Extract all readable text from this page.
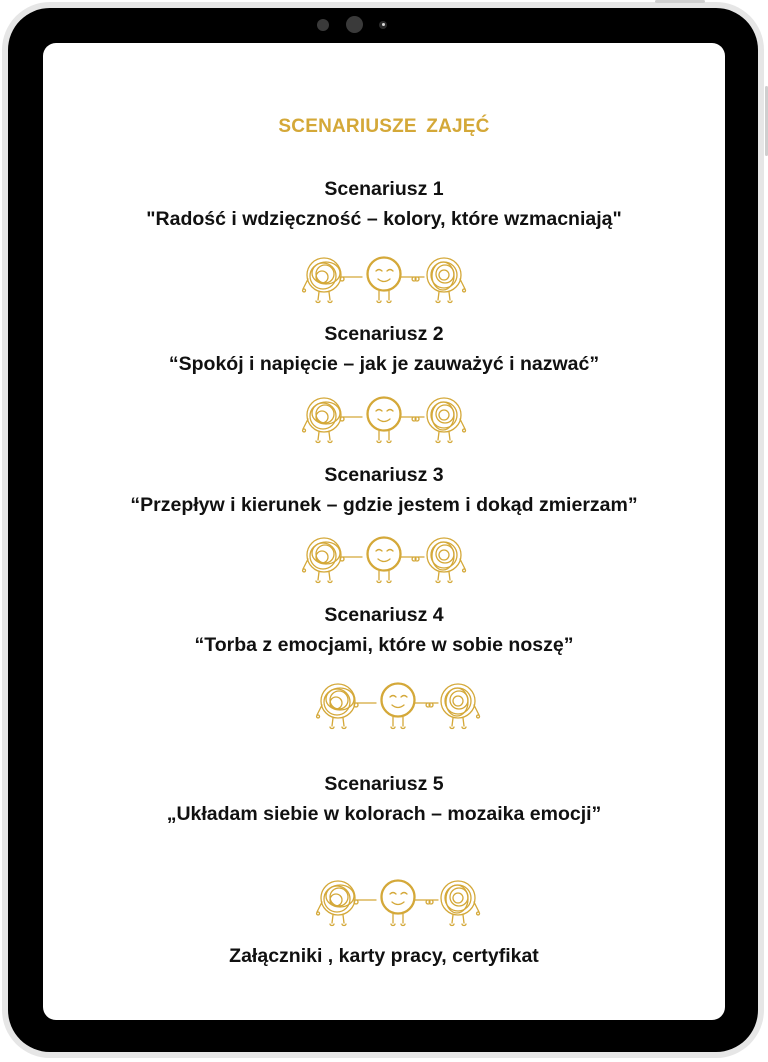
SCENARIUSZE ZAJĘĆ
Scenariusz 1
"Radość i wdzięczność – kolory, które wzmacniają"
Scenariusz 2
“Spokój i napięcie – jak je zauważyć i nazwać”
Scenariusz 3
“Przepływ i kierunek – gdzie jestem i dokąd zmierzam”
Scenariusz 4
“Torba z emocjami, które w sobie noszę”
Scenariusz 5
„Układam siebie w kolorach – mozaika emocji”
Załączniki , karty pracy, certyfikat
